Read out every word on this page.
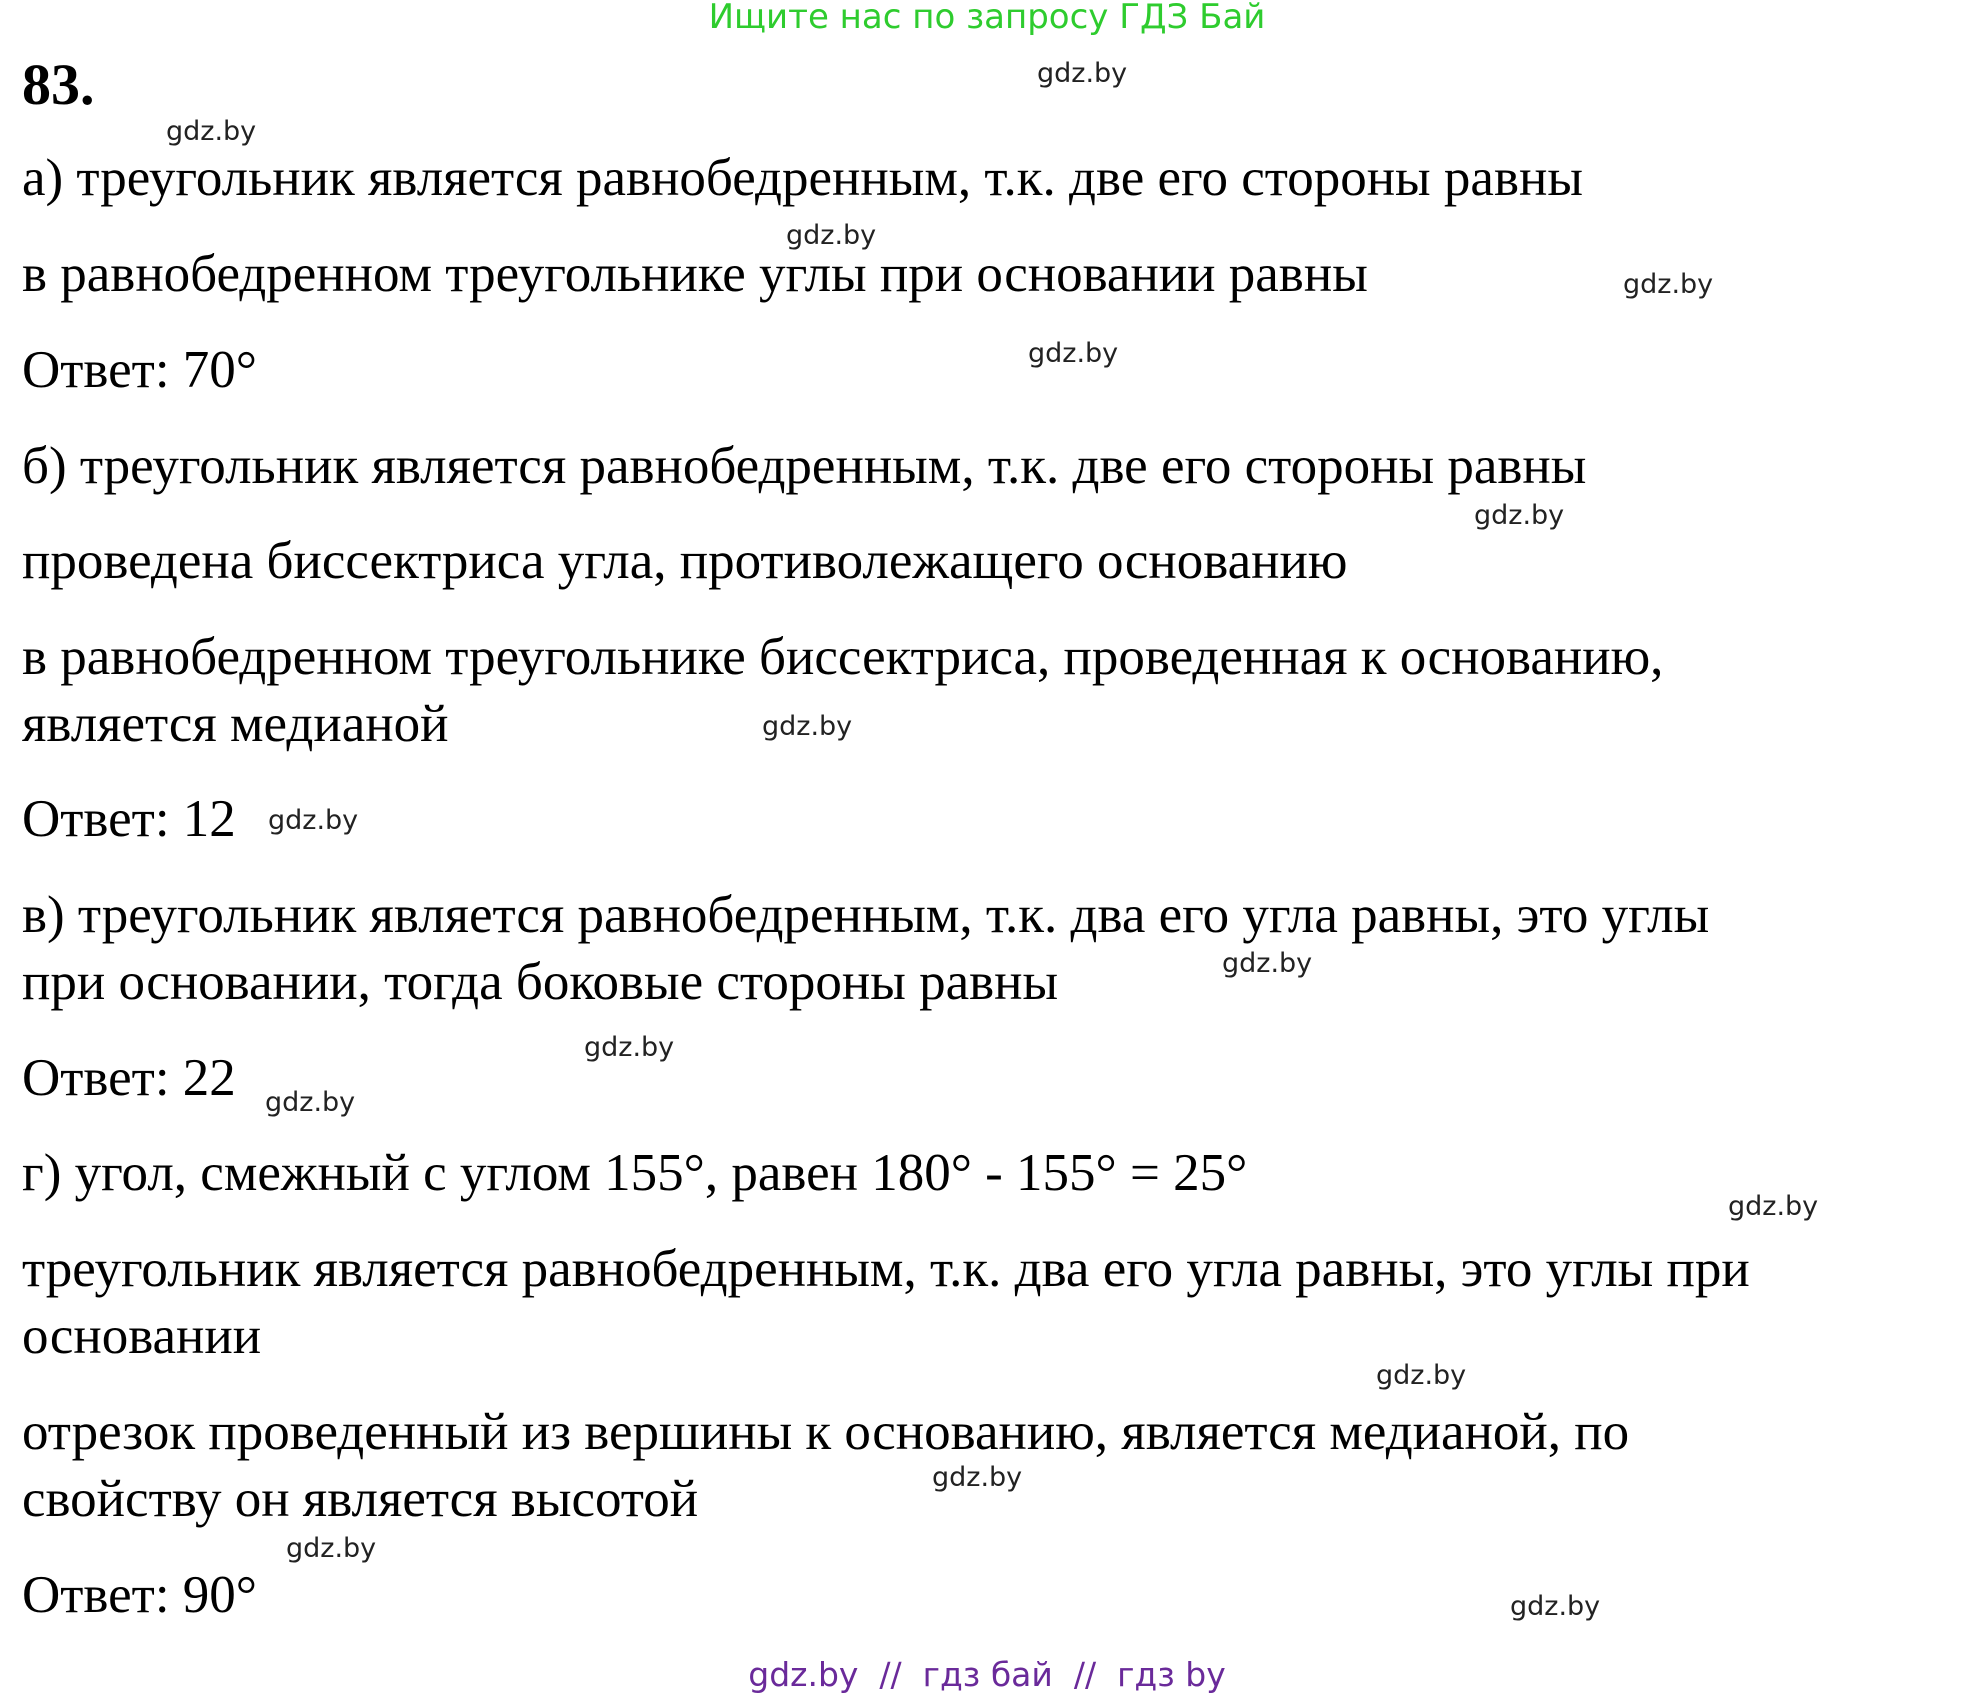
Ищите нас по запросу ГДЗ Бай
83.
а) треугольник является равнобедренным, т.к. две его стороны равны
в равнобедренном треугольнике углы при основании равны
Ответ: 70°
б) треугольник является равнобедренным, т.к. две его стороны равны
проведена биссектриса угла, противолежащего основанию
в равнобедренном треугольнике биссектриса, проведенная к основанию,
является медианой
Ответ: 12
в) треугольник является равнобедренным, т.к. два его угла равны, это углы
при основании, тогда боковые стороны равны
Ответ: 22
г) угол, смежный с углом 155°, равен 180° - 155° = 25°
треугольник является равнобедренным, т.к. два его угла равны, это углы при
основании
отрезок проведенный из вершины к основанию, является медианой, по
свойству он является высотой
Ответ: 90°
gdz.by
gdz.by
gdz.by
gdz.by
gdz.by
gdz.by
gdz.by
gdz.by
gdz.by
gdz.by
gdz.by
gdz.by
gdz.by
gdz.by
gdz.by
gdz.by
gdz.by  //  гдз бай  //  гдз by
